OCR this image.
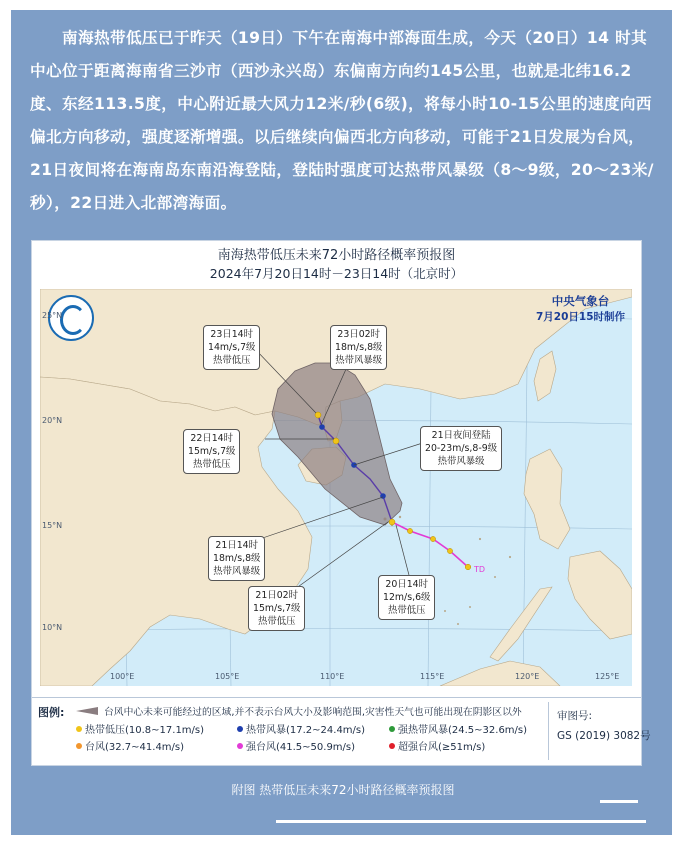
南海热带低压已于昨天（19日）下午在南海中部海面生成，今天（20日）14 时其中心位于距离海南省三沙市（西沙永兴岛）东偏南方向约145公里，也就是北纬16.2度、东经113.5度，中心附近最大风力12米/秒(6级)，将每小时10-15公里的速度向西偏北方向移动，强度逐渐增强。以后继续向偏西北方向移动，可能于21日发展为台风，21日夜间将在海南岛东南沿海登陆，登陆时强度可达热带风暴级（8～9级，20～23米/秒），22日进入北部湾海面。
南海热带低压未来72小时路径概率预报图
2024年7月20日14时－23日14时（北京时）
中央气象台
7月20日15时制作
23日14时
14m/s,7级
热带低压
23日02时
18m/s,8级
热带风暴级
22日14时
15m/s,7级
热带低压
21日夜间登陆
20-23m/s,8-9级
热带风暴级
21日14时
18m/s,8级
热带风暴级
21日02时
15m/s,7级
热带低压
20日14时
12m/s,6级
热带低压
TD
100°E	105°E	110°E	115°E	120°E	125°E
25°N
20°N
15°N
10°N
图例:	台风中心未来可能经过的区域,并不表示台风大小及影响范围,灾害性天气也可能出现在阴影区以外
热带低压(10.8~17.1m/s)	热带风暴(17.2~24.4m/s)	强热带风暴(24.5~32.6m/s)
台风(32.7~41.4m/s)	强台风(41.5~50.9m/s)	超强台风(≥51m/s)
审图号:
GS (2019) 3082号
附图 热带低压未来72小时路径概率预报图
